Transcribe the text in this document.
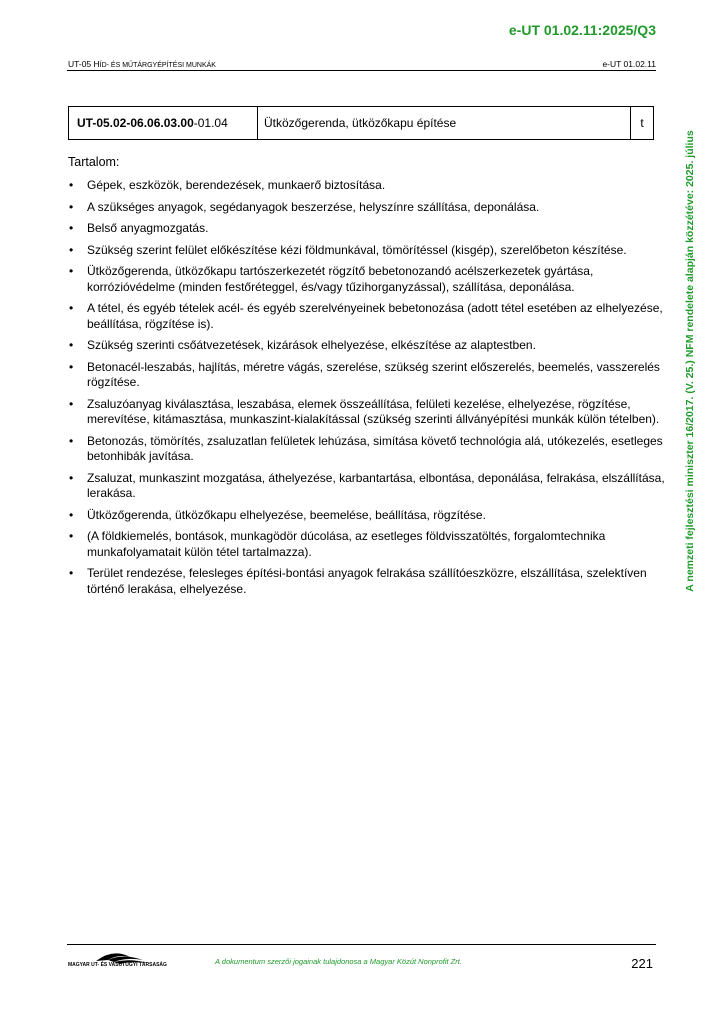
e-UT 01.02.11:2025/Q3
UT-05 HÍD- ÉS MŰTÁRGYÉPÍTÉSI MUNKÁK	e-UT 01.02.11
UT-05.02-06.06.03.00 -01.04	Ütközőgerenda, ütközőkapu építése	t
Tartalom:
• Gépek, eszközök, berendezések, munkaerő biztosítása.
• A szükséges anyagok, segédanyagok beszerzése, helyszínre szállítása, deponálása.
• Belső anyagmozgatás.
• Szükség szerint felület előkészítése kézi földmunkával, tömörítéssel (kisgép), szerelőbeton készítése.
• Ütközőgerenda, ütközőkapu tartószerkezetét rögzítő bebetonozandó acélszerkezetek gyártása, korrózióvédelme (minden festőréteggel, és/vagy tűzihorganyzással), szállítása, deponálása.
• A tétel, és egyéb tételek acél- és egyéb szerelvényeinek bebetonozása (adott tétel esetében az elhelyezése, beállítása, rögzítése is).
• Szükség szerinti csőátvezetések, kizárások elhelyezése, elkészítése az alaptestben.
• Betonacél-leszabás, hajlítás, méretre vágás, szerelése, szükség szerint előszerelés, beemelés, vasszerelés rögzítése.
• Zsaluzóanyag kiválasztása, leszabása, elemek összeállítása, felületi kezelése, elhelyezése, rögzítése, merevítése, kitámasztása, munkaszint-kialakítással (szükség szerinti állványépítési munkák külön tételben).
• Betonozás, tömörítés, zsaluzatlan felületek lehúzása, simítása követő technológia alá, utókezelés, esetleges betonhibák javítása.
• Zsaluzat, munkaszint mozgatása, áthelyezése, karbantartása, elbontása, deponálása, felrakása, elszállítása, lerakása.
• Ütközőgerenda, ütközőkapu elhelyezése, beemelése, beállítása, rögzítése.
• (A földkiemelés, bontások, munkagödör dúcolása, az esetleges földvisszatöltés, forgalomtechnika munkafolyamatait külön tétel tartalmazza).
• Terület rendezése, felesleges építési-bontási anyagok felrakása szállítóeszközre, elszállítása, szelektíven történő lerakása, elhelyezése.	A nemzeti fejlesztési miniszter 16/2017. (V. 25.) NFM rendelete alapján közzétéve: 2025. július
MAGYAR UT- ÉS VASUTÜGYI TÁRSASÁG	A dokumentum szerzői jogainak tulajdonosa a Magyar Közút Nonprofit Zrt.	221
